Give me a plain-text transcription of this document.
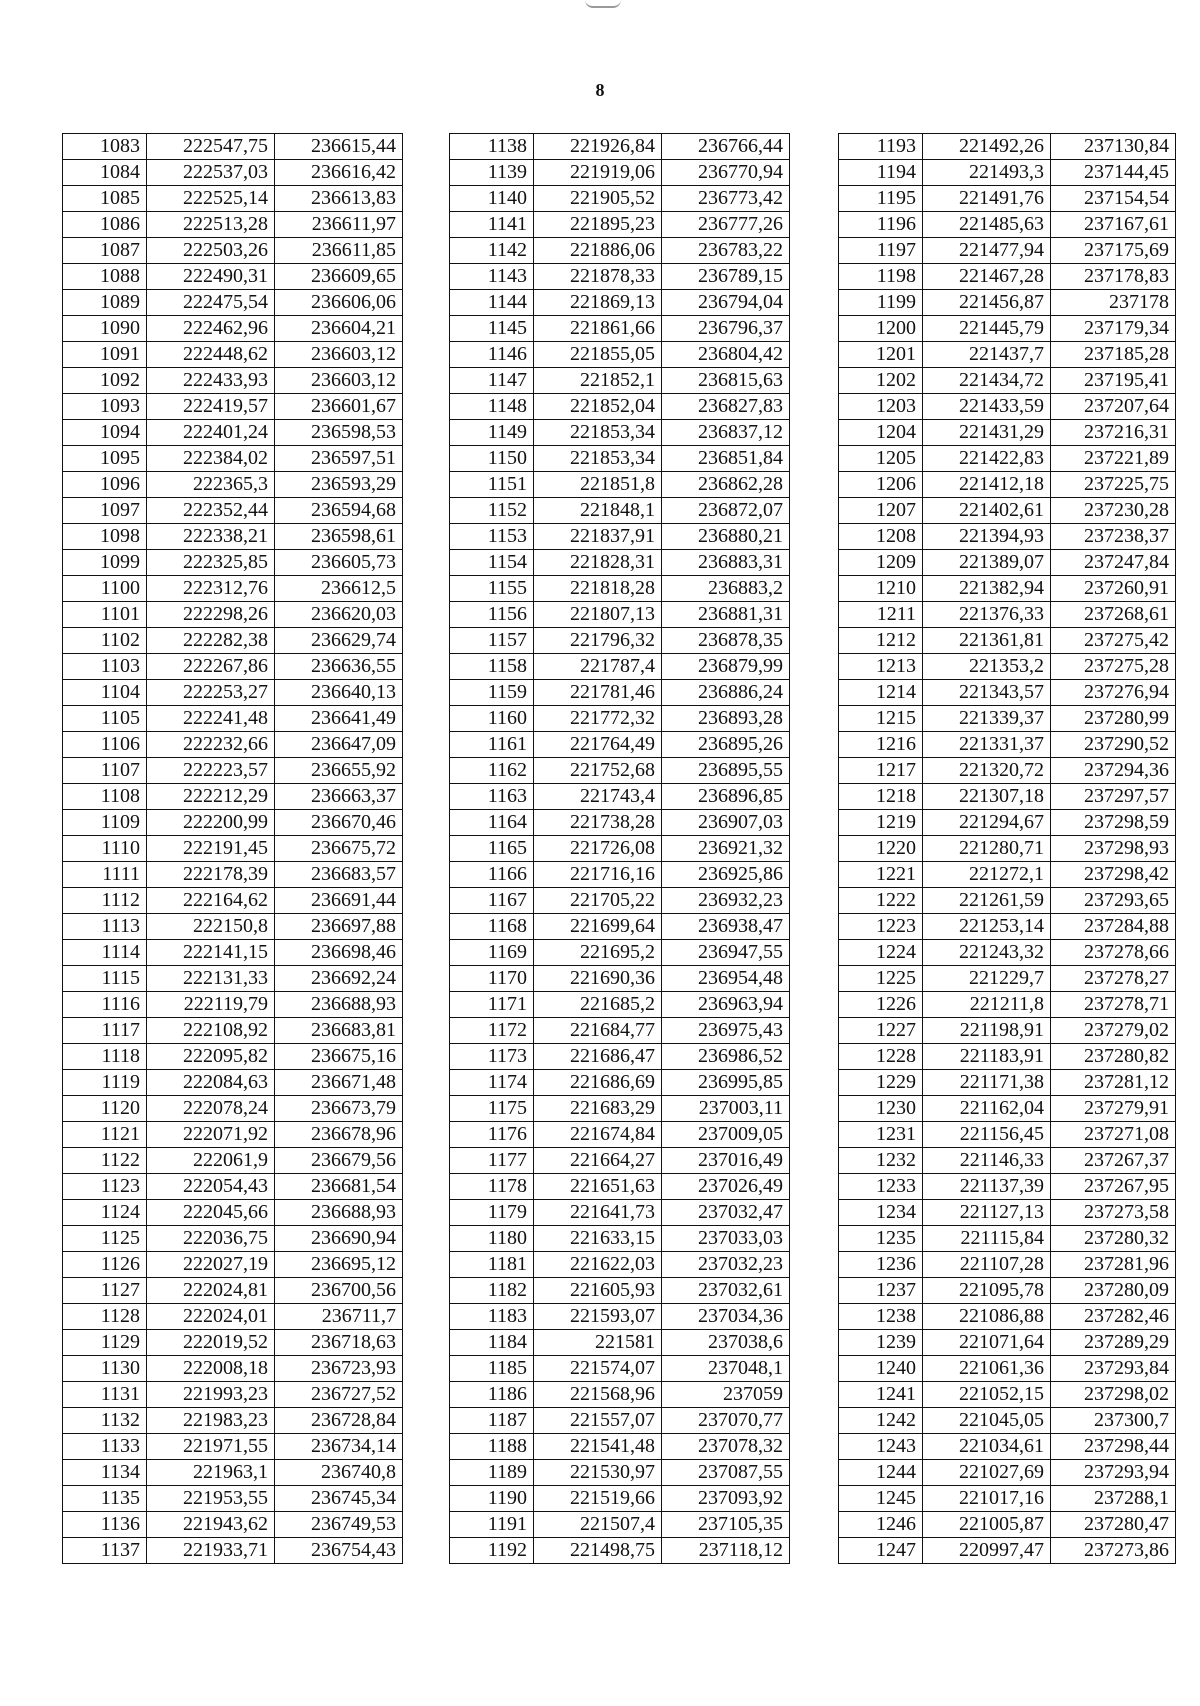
8
1083	222547,75	236615,44
1084	222537,03	236616,42
1085	222525,14	236613,83
1086	222513,28	236611,97
1087	222503,26	236611,85
1088	222490,31	236609,65
1089	222475,54	236606,06
1090	222462,96	236604,21
1091	222448,62	236603,12
1092	222433,93	236603,12
1093	222419,57	236601,67
1094	222401,24	236598,53
1095	222384,02	236597,51
1096	222365,3	236593,29
1097	222352,44	236594,68
1098	222338,21	236598,61
1099	222325,85	236605,73
1100	222312,76	236612,5
1101	222298,26	236620,03
1102	222282,38	236629,74
1103	222267,86	236636,55
1104	222253,27	236640,13
1105	222241,48	236641,49
1106	222232,66	236647,09
1107	222223,57	236655,92
1108	222212,29	236663,37
1109	222200,99	236670,46
1110	222191,45	236675,72
1111	222178,39	236683,57
1112	222164,62	236691,44
1113	222150,8	236697,88
1114	222141,15	236698,46
1115	222131,33	236692,24
1116	222119,79	236688,93
1117	222108,92	236683,81
1118	222095,82	236675,16
1119	222084,63	236671,48
1120	222078,24	236673,79
1121	222071,92	236678,96
1122	222061,9	236679,56
1123	222054,43	236681,54
1124	222045,66	236688,93
1125	222036,75	236690,94
1126	222027,19	236695,12
1127	222024,81	236700,56
1128	222024,01	236711,7
1129	222019,52	236718,63
1130	222008,18	236723,93
1131	221993,23	236727,52
1132	221983,23	236728,84
1133	221971,55	236734,14
1134	221963,1	236740,8
1135	221953,55	236745,34
1136	221943,62	236749,53
1137	221933,71	236754,43
1138	221926,84	236766,44
1139	221919,06	236770,94
1140	221905,52	236773,42
1141	221895,23	236777,26
1142	221886,06	236783,22
1143	221878,33	236789,15
1144	221869,13	236794,04
1145	221861,66	236796,37
1146	221855,05	236804,42
1147	221852,1	236815,63
1148	221852,04	236827,83
1149	221853,34	236837,12
1150	221853,34	236851,84
1151	221851,8	236862,28
1152	221848,1	236872,07
1153	221837,91	236880,21
1154	221828,31	236883,31
1155	221818,28	236883,2
1156	221807,13	236881,31
1157	221796,32	236878,35
1158	221787,4	236879,99
1159	221781,46	236886,24
1160	221772,32	236893,28
1161	221764,49	236895,26
1162	221752,68	236895,55
1163	221743,4	236896,85
1164	221738,28	236907,03
1165	221726,08	236921,32
1166	221716,16	236925,86
1167	221705,22	236932,23
1168	221699,64	236938,47
1169	221695,2	236947,55
1170	221690,36	236954,48
1171	221685,2	236963,94
1172	221684,77	236975,43
1173	221686,47	236986,52
1174	221686,69	236995,85
1175	221683,29	237003,11
1176	221674,84	237009,05
1177	221664,27	237016,49
1178	221651,63	237026,49
1179	221641,73	237032,47
1180	221633,15	237033,03
1181	221622,03	237032,23
1182	221605,93	237032,61
1183	221593,07	237034,36
1184	221581	237038,6
1185	221574,07	237048,1
1186	221568,96	237059
1187	221557,07	237070,77
1188	221541,48	237078,32
1189	221530,97	237087,55
1190	221519,66	237093,92
1191	221507,4	237105,35
1192	221498,75	237118,12
1193	221492,26	237130,84
1194	221493,3	237144,45
1195	221491,76	237154,54
1196	221485,63	237167,61
1197	221477,94	237175,69
1198	221467,28	237178,83
1199	221456,87	237178
1200	221445,79	237179,34
1201	221437,7	237185,28
1202	221434,72	237195,41
1203	221433,59	237207,64
1204	221431,29	237216,31
1205	221422,83	237221,89
1206	221412,18	237225,75
1207	221402,61	237230,28
1208	221394,93	237238,37
1209	221389,07	237247,84
1210	221382,94	237260,91
1211	221376,33	237268,61
1212	221361,81	237275,42
1213	221353,2	237275,28
1214	221343,57	237276,94
1215	221339,37	237280,99
1216	221331,37	237290,52
1217	221320,72	237294,36
1218	221307,18	237297,57
1219	221294,67	237298,59
1220	221280,71	237298,93
1221	221272,1	237298,42
1222	221261,59	237293,65
1223	221253,14	237284,88
1224	221243,32	237278,66
1225	221229,7	237278,27
1226	221211,8	237278,71
1227	221198,91	237279,02
1228	221183,91	237280,82
1229	221171,38	237281,12
1230	221162,04	237279,91
1231	221156,45	237271,08
1232	221146,33	237267,37
1233	221137,39	237267,95
1234	221127,13	237273,58
1235	221115,84	237280,32
1236	221107,28	237281,96
1237	221095,78	237280,09
1238	221086,88	237282,46
1239	221071,64	237289,29
1240	221061,36	237293,84
1241	221052,15	237298,02
1242	221045,05	237300,7
1243	221034,61	237298,44
1244	221027,69	237293,94
1245	221017,16	237288,1
1246	221005,87	237280,47
1247	220997,47	237273,86
